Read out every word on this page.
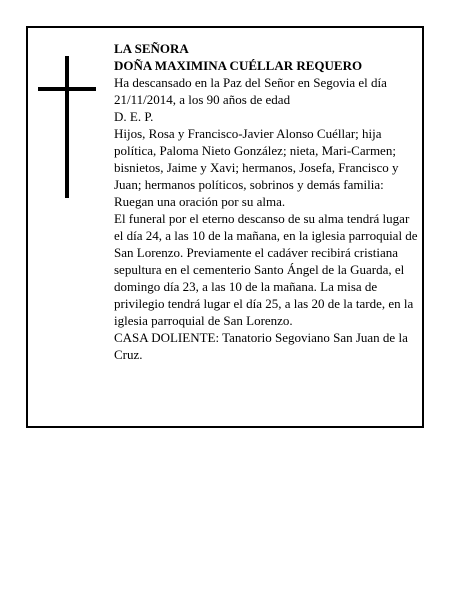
LA SEÑORA
DOÑA MAXIMINA CUÉLLAR REQUERO
Ha descansado en la Paz del Señor en Segovia el día 21/11/2014, a los 90 años de edad
D. E. P.
Hijos, Rosa y Francisco-Javier Alonso Cuéllar; hija política, Paloma Nieto González; nieta, Mari-Carmen; bisnietos, Jaime y Xavi; hermanos, Josefa, Francisco y Juan; hermanos políticos, sobrinos y demás familia:
Ruegan una oración por su alma.
El funeral por el eterno descanso de su alma tendrá lugar el día 24, a las 10 de la mañana, en la iglesia parroquial de San Lorenzo. Previamente el cadáver recibirá cristiana sepultura en el cementerio Santo Ángel de la Guarda, el domingo día 23, a las 10 de la mañana. La misa de privilegio tendrá lugar el día 25, a las 20 de la tarde, en la iglesia parroquial de San Lorenzo.
CASA DOLIENTE: Tanatorio Segoviano San Juan de la Cruz.
